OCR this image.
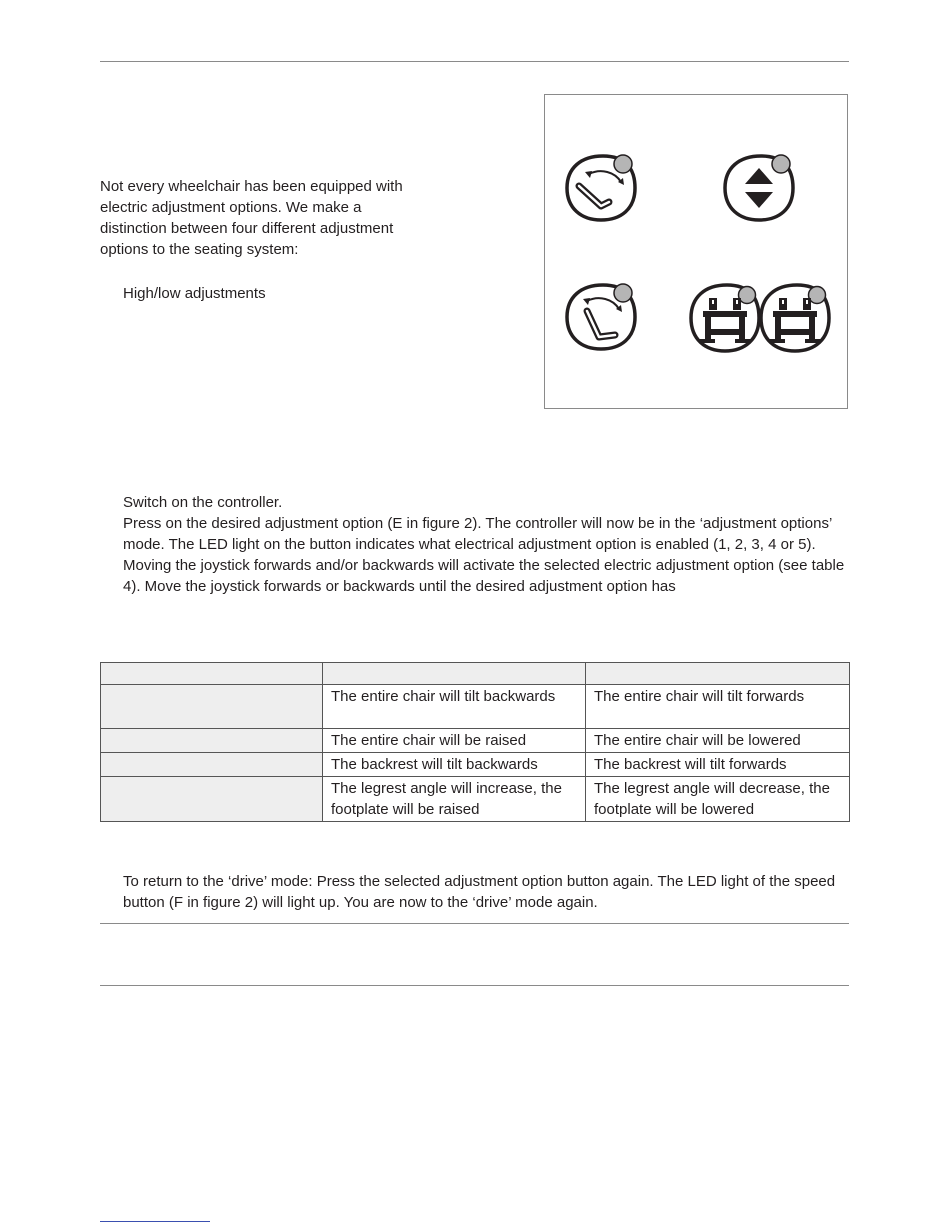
Not every wheelchair has been equipped with electric adjustment options. We make a distinction between four different adjustment options to the seating system:
High/low adjustments

Switch on the controller.

Press on the desired adjustment option (E in figure 2). The controller will now be in the ‘adjustment options’ mode. The LED light on the button indicates what electrical adjustment option is enabled (1, 2, 3, 4 or 5).

Moving the joystick forwards and/or backwards will activate the selected electric adjustment option (see table 4). Move the joystick forwards or backwards until the desired adjustment option has

	The entire chair will tilt backwards	The entire chair will tilt forwards
	The entire chair will be raised	The entire chair will be lowered
	The backrest will tilt backwards	The backrest will tilt forwards
	The legrest angle will increase, the footplate will be raised	The legrest angle will decrease, the footplate will be lowered
To return to the ‘drive’ mode: Press the selected adjustment option button again. The LED light of the speed button (F in figure 2) will light up. You are now to the ‘drive’ mode again.
